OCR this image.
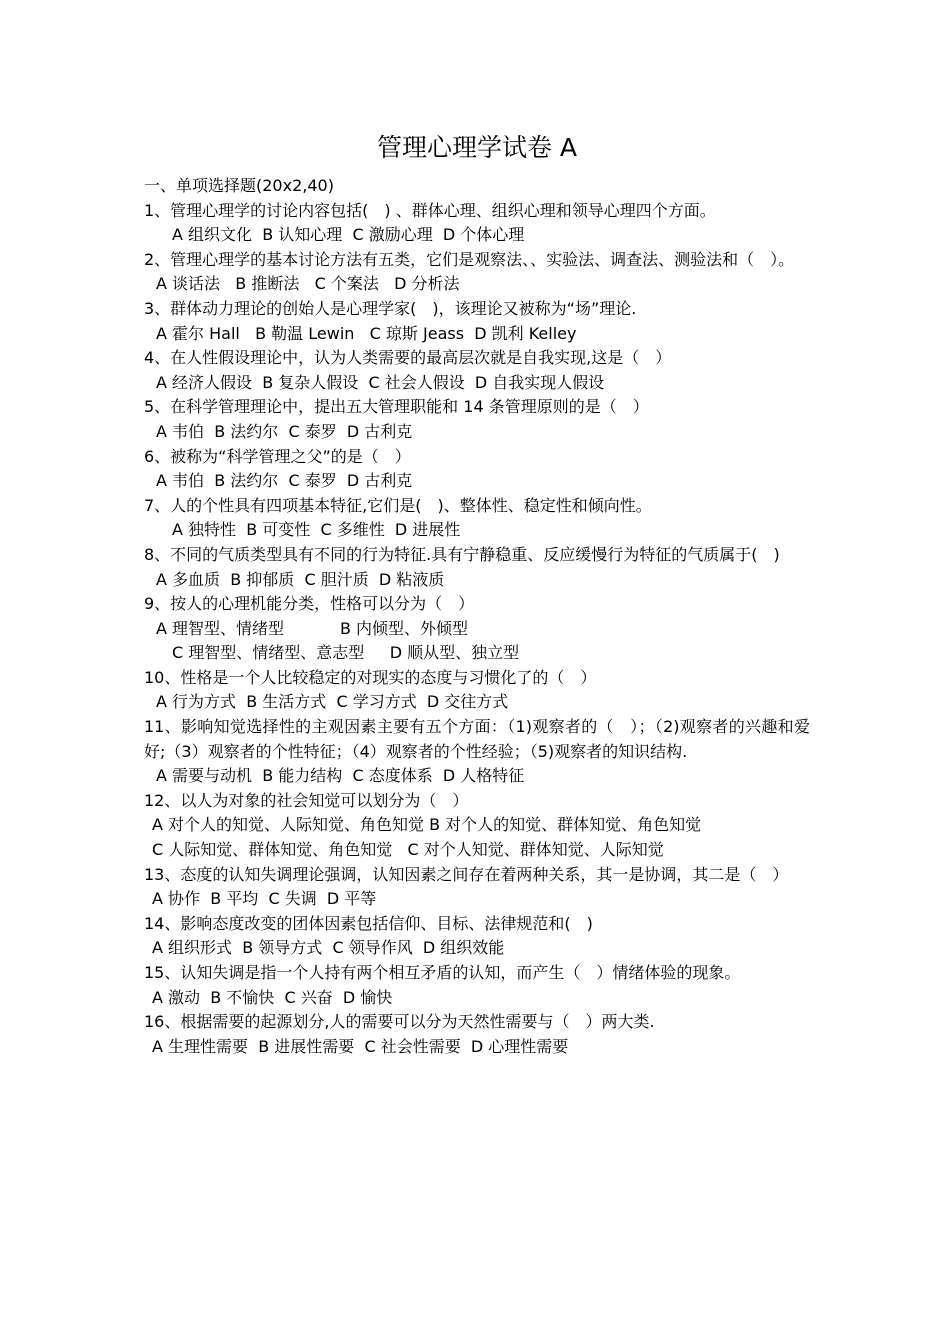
管理心理学试卷 A
一、单项选择题(20x2,40)
1、管理心理学的讨论内容包括(　) 、群体心理、组织心理和领导心理四个方面。
A 组织文化  B 认知心理  C 激励心理  D 个体心理
2、管理心理学的基本讨论方法有五类，它们是观察法、、实验法、调查法、测验法和（　）。
A 谈话法   B 推断法   C 个案法   D 分析法
3、群体动力理论的创始人是心理学家(　)，该理论又被称为“场”理论.
A 霍尔 Hall   B 勒温 Lewin   C 琼斯 Jeass  D 凯利 Kelley
4、在人性假设理论中，认为人类需要的最高层次就是自我实现,这是（　）
A 经济人假设  B 复杂人假设  C 社会人假设  D 自我实现人假设
5、在科学管理理论中，提出五大管理职能和 14 条管理原则的是（　）
A 韦伯  B 法约尔  C 泰罗  D 古利克
6、被称为“科学管理之父”的是（　）
A 韦伯  B 法约尔  C 泰罗  D 古利克
7、人的个性具有四项基本特征,它们是(　)、整体性、稳定性和倾向性。
A 独特性  B 可变性  C 多维性  D 进展性
8、不同的气质类型具有不同的行为特征.具有宁静稳重、反应缓慢行为特征的气质属于(　)
A 多血质  B 抑郁质  C 胆汁质  D 粘液质
9、按人的心理机能分类，性格可以分为（　）
A 理智型、情绪型           B 内倾型、外倾型
C 理智型、情绪型、意志型     D 顺从型、独立型
10、性格是一个人比较稳定的对现实的态度与习惯化了的（　）
A 行为方式  B 生活方式  C 学习方式  D 交往方式
11、影响知觉选择性的主观因素主要有五个方面：（1)观察者的（　）；（2)观察者的兴趣和爱好;（3）观察者的个性特征；（4）观察者的个性经验；（5)观察者的知识结构.
A 需要与动机  B 能力结构  C 态度体系  D 人格特征
12、以人为对象的社会知觉可以划分为（　）
A 对个人的知觉、人际知觉、角色知觉 B 对个人的知觉、群体知觉、角色知觉
C 人际知觉、群体知觉、角色知觉   C 对个人知觉、群体知觉、人际知觉
13、态度的认知失调理论强调，认知因素之间存在着两种关系，其一是协调，其二是（　）
A 协作  B 平均  C 失调  D 平等
14、影响态度改变的团体因素包括信仰、目标、法律规范和(　)
A 组织形式  B 领导方式  C 领导作风  D 组织效能
15、认知失调是指一个人持有两个相互矛盾的认知，而产生（　）情绪体验的现象。
A 激动  B 不愉快  C 兴奋  D 愉快
16、根据需要的起源划分,人的需要可以分为天然性需要与（　）两大类.
A 生理性需要  B 进展性需要  C 社会性需要  D 心理性需要
